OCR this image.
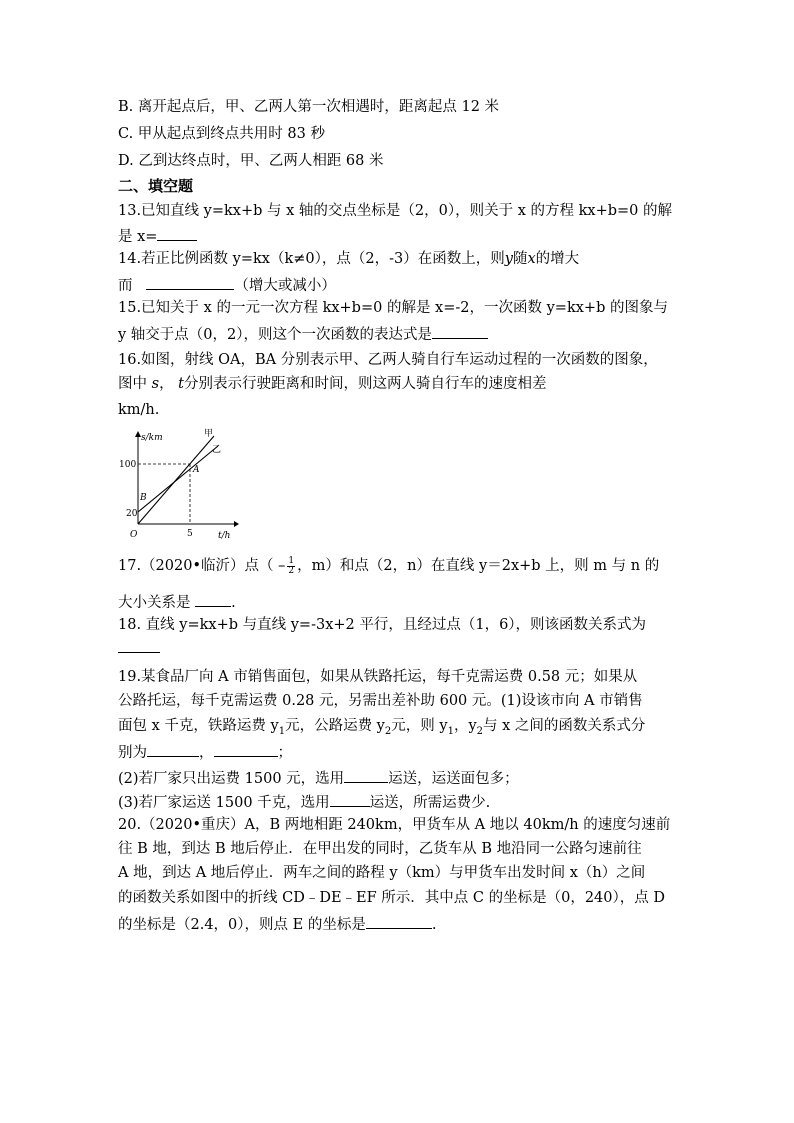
B. 离开起点后，甲、乙两人第一次相遇时，距离起点 12 米
C. 甲从起点到终点共用时 83 秒
D. 乙到达终点时，甲、乙两人相距 68 米
二、填空题
13.已知直线 y=kx+b 与 x 轴的交点坐标是（2，0），则关于 x 的方程 kx+b=0 的解
是 x=
14.若正比例函数 y=kx（k≠0），点（2，-3）在函数上，则y随x的增大
而	（增大或减小）
15.已知关于 x 的一元一次方程 kx+b=0 的解是 x=-2，一次函数 y=kx+b 的图象与
y 轴交于点（0，2），则这个一次函数的表达式是
16.如图，射线 OA，BA 分别表示甲、乙两人骑自行车运动过程的一次函数的图象，
图中 s， t分别表示行驶距离和时间，则这两人骑自行车的速度相差
km/h.
s/km
t/h
甲
乙
A
B
O
100
20
5
17.（2020•临沂）点（ – $\frac{1}{2}$ ，m）和点（2，n）在直线 y＝2x+b 上，则 m 与 n 的
大小关系是	.
18. 直线 y=kx+b 与直线 y=-3x+2 平行，且经过点（1，6），则该函数关系式为
19.某食品厂向 A 市销售面包，如果从铁路托运，每千克需运费 0.58 元；如果从
公路托运，每千克需运费 0.28 元，另需出差补助 600 元。(1)设该市向 A 市销售
面包 x 千克，铁路运费 $y_1$元，公路运费 $y_2$元，则 $y_1$，$y_2$与 x 之间的函数关系式分
别为	，	；
(2)若厂家只出运费 1500 元，选用	运送，运送面包多；
(3)若厂家运送 1500 千克，选用	运送，所需运费少.
20.（2020•重庆）A，B 两地相距 240km，甲货车从 A 地以 40km/h 的速度匀速前
往 B 地，到达 B 地后停止．在甲出发的同时，乙货车从 B 地沿同一公路匀速前往
A 地，到达 A 地后停止．两车之间的路程 y（km）与甲货车出发时间 x（h）之间
的函数关系如图中的折线 CD﹣DE﹣EF 所示．其中点 C 的坐标是（0，240），点 D
的坐标是（2.4，0），则点 E 的坐标是	.
